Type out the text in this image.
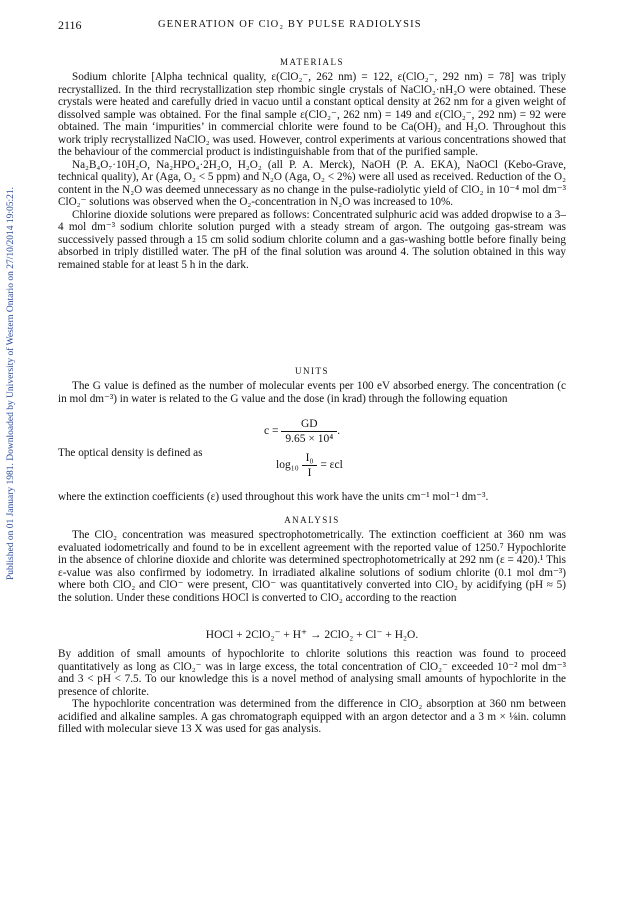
Published on 01 January 1981. Downloaded by University of Western Ontario on 27/10/2014 19:05:21.
2116	GENERATION OF ClO₂ BY PULSE RADIOLYSIS
MATERIALS

Sodium chlorite [Alpha technical quality, ε(ClO₂⁻, 262 nm) = 122, ε(ClO₂⁻, 292 nm) = 78] was triply recrystallized. In the third recrystallization step rhombic single crystals of NaClO₂·nH₂O were obtained. These crystals were heated and carefully dried in vacuo until a constant optical density at 262 nm for a given weight of dissolved sample was obtained. For the final sample ε(ClO₂⁻, 262 nm) = 149 and ε(ClO₂⁻, 292 nm) = 92 were obtained. The main ‘impurities’ in commercial chlorite were found to be Ca(OH)₂ and H₂O. Throughout this work triply recrystallized NaClO₂ was used. However, control experiments at various concentrations showed that the behaviour of the commercial product is indistinguishable from that of the purified sample.

Na₂B₄O₇·10H₂O, Na₂HPO₄·2H₂O, H₂O₂ (all P. A. Merck), NaOH (P. A. EKA), NaOCl (Kebo-Grave, technical quality), Ar (Aga, O₂ < 5 ppm) and N₂O (Aga, O₂ < 2%) were all used as received. Reduction of the O₂ content in the N₂O was deemed unnecessary as no change in the pulse-radiolytic yield of ClO₂ in 10⁻⁴ mol dm⁻³ ClO₂⁻ solutions was observed when the O₂-concentration in N₂O was increased to 10%.

Chlorine dioxide solutions were prepared as follows: Concentrated sulphuric acid was added dropwise to a 3–4 mol dm⁻³ sodium chlorite solution purged with a steady stream of argon. The outgoing gas-stream was successively passed through a 15 cm solid sodium chlorite column and a gas-washing bottle before finally being absorbed in triply distilled water. The pH of the final solution was around 4. The solution obtained in this way remained stable for at least 5 h in the dark.

UNITS

The G value is defined as the number of molecular events per 100 eV absorbed energy. The concentration (c in mol dm⁻³) in water is related to the G value and the dose (in krad) through the following equation

$c = \frac{GD}{\text{9.65 × 10⁴}}$ .
The optical density is defined as
$\log_{10} \frac{\text{I₀}}{I} = \varepsilon cl$

where the extinction coefficients (ε) used throughout this work have the units cm⁻¹ mol⁻¹ dm⁻³.

ANALYSIS

The ClO₂ concentration was measured spectrophotometrically. The extinction coefficient at 360 nm was evaluated iodometrically and found to be in excellent agreement with the reported value of 1250.⁷ Hypochlorite in the absence of chlorine dioxide and chlorite was determined spectrophotometrically at 292 nm (ε = 420).¹ This ε-value was also confirmed by iodometry. In irradiated alkaline solutions of sodium chlorite (0.1 mol dm⁻³) where both ClO₂ and ClO⁻ were present, ClO⁻ was quantitatively converted into ClO₂ by acidifying (pH ≈ 5) the solution. Under these conditions HOCl is converted to ClO₂ according to the reaction

HOCl + 2ClO₂⁻ + H⁺ → 2ClO₂ + Cl⁻ + H₂O.

By addition of small amounts of hypochlorite to chlorite solutions this reaction was found to proceed quantitatively as long as ClO₂⁻ was in large excess, the total concentration of ClO₂⁻ exceeded 10⁻² mol dm⁻³ and 3 < pH < 7.5. To our knowledge this is a novel method of analysing small amounts of hypochlorite in the presence of chlorite.

The hypochlorite concentration was determined from the difference in ClO₂ absorption at 360 nm between acidified and alkaline samples. A gas chromatograph equipped with an argon detector and a 3 m × ⅛in. column filled with molecular sieve 13 X was used for gas analysis.
